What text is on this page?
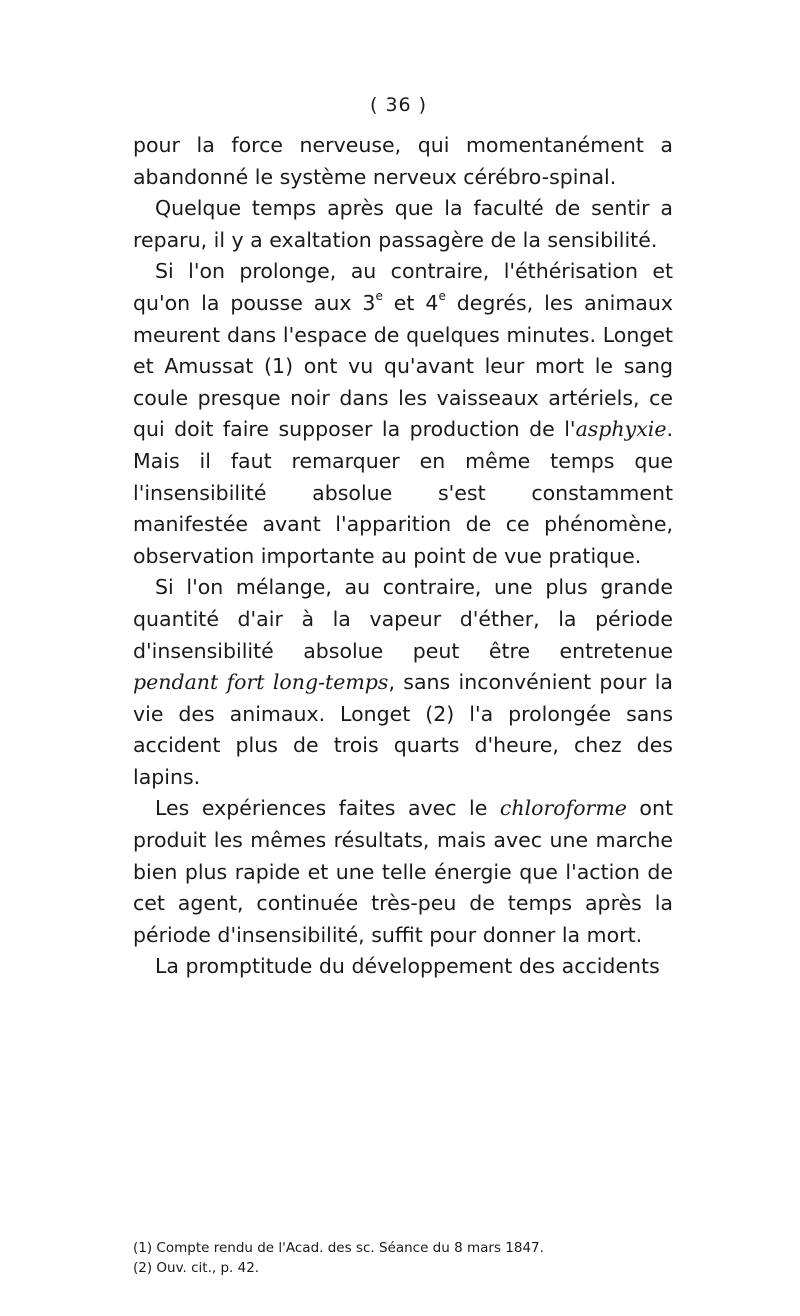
( 36 )

pour la force nerveuse, qui momentanément a abandonné le système nerveux cérébro-spinal.

Quelque temps après que la faculté de sentir a reparu, il y a exaltation passagère de la sensibilité.

Si l'on prolonge, au contraire, l'éthérisation et qu'on la pousse aux 3e et 4e degrés, les animaux meurent dans l'espace de quelques minutes. Longet et Amussat (1) ont vu qu'avant leur mort le sang coule presque noir dans les vaisseaux artériels, ce qui doit faire supposer la production de l'asphyxie. Mais il faut remarquer en même temps que l'insensibilité absolue s'est constamment manifestée avant l'apparition de ce phénomène, observation importante au point de vue pratique.

Si l'on mélange, au contraire, une plus grande quantité d'air à la vapeur d'éther, la période d'insensibilité absolue peut être entretenue pendant fort long-temps, sans inconvénient pour la vie des animaux. Longet (2) l'a prolongée sans accident plus de trois quarts d'heure, chez des lapins.

Les expériences faites avec le chloroforme ont produit les mêmes résultats, mais avec une marche bien plus rapide et une telle énergie que l'action de cet agent, continuée très-peu de temps après la période d'insensibilité, suffit pour donner la mort.

La promptitude du développement des accidents

(1) Compte rendu de l'Acad. des sc. Séance du 8 mars 1847.
(2) Ouv. cit., p. 42.
